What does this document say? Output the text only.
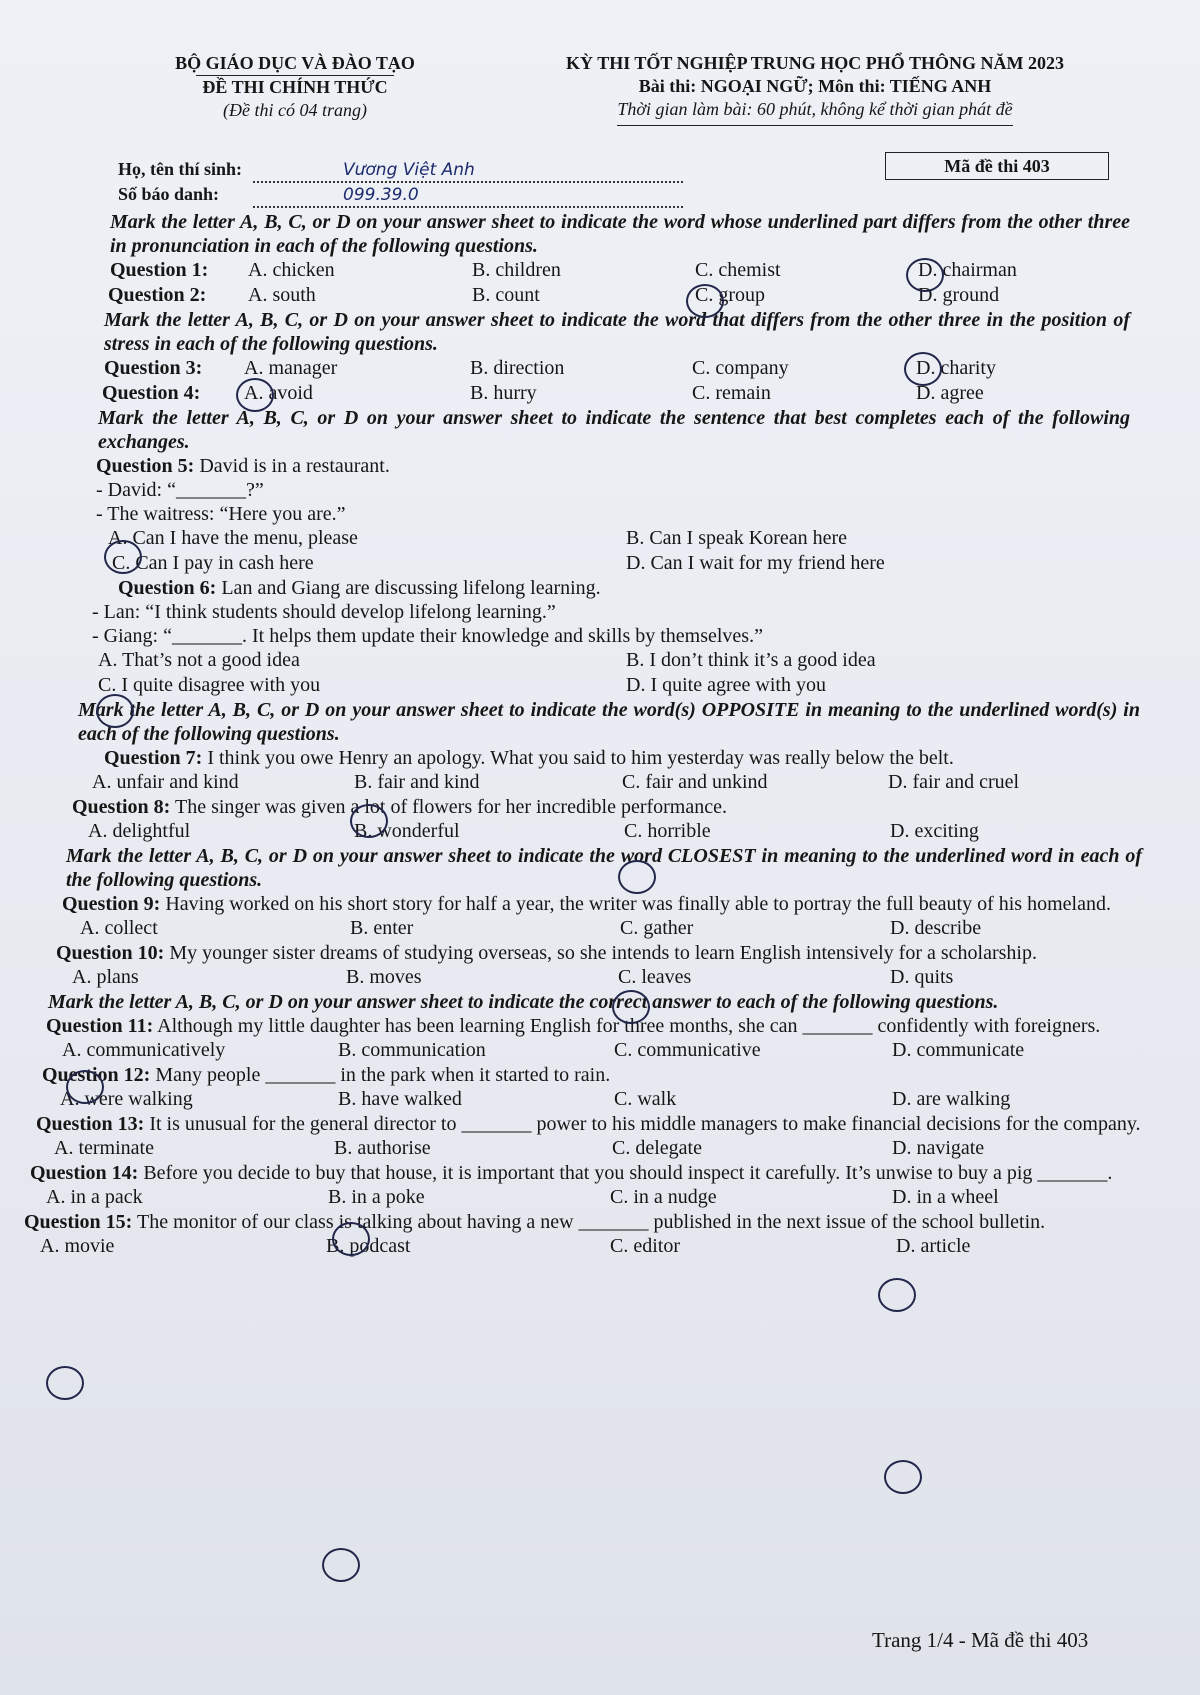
BỘ GIÁO DỤC VÀ ĐÀO TẠO
ĐỀ THI CHÍNH THỨC
(Đề thi có 04 trang)
KỲ THI TỐT NGHIỆP TRUNG HỌC PHỔ THÔNG NĂM 2023
Bài thi: NGOẠI NGỮ; Môn thi: TIẾNG ANH
Thời gian làm bài: 60 phút, không kể thời gian phát đề
Họ, tên thí sinh:	Vương Việt Anh
Số báo danh:	099.39.0
Mã đề thi 403

Mark the letter A, B, C, or D on your answer sheet to indicate the word whose underlined part differs from the other three in pronunciation in each of the following questions.

Question 1: A. chicken	B. children	C. chemist	D. chairman
Question 2: A. south	B. count	C. group	D. ground

Mark the letter A, B, C, or D on your answer sheet to indicate the word that differs from the other three in the position of stress in each of the following questions.

Question 3: A. manager	B. direction	C. company	D. charity
Question 4: A. avoid	B. hurry	C. remain	D. agree

Mark the letter A, B, C, or D on your answer sheet to indicate the sentence that best completes each of the following exchanges.

Question 5: David is in a restaurant.

- David: “_______?”

- The waitress: “Here you are.”

A. Can I have the menu, please	B. Can I speak Korean here
C. Can I pay in cash here	D. Can I wait for my friend here

Question 6: Lan and Giang are discussing lifelong learning.

- Lan: “I think students should develop lifelong learning.”

- Giang: “_______. It helps them update their knowledge and skills by themselves.”

A. That’s not a good idea	B. I don’t think it’s a good idea
C. I quite disagree with you	D. I quite agree with you

Mark the letter A, B, C, or D on your answer sheet to indicate the word(s) OPPOSITE in meaning to the underlined word(s) in each of the following questions.

Question 7: I think you owe Henry an apology. What you said to him yesterday was really below the belt.

A. unfair and kind	B. fair and kind	C. fair and unkind	D. fair and cruel

Question 8: The singer was given a lot of flowers for her incredible performance.

A. delightful	B. wonderful	C. horrible	D. exciting

Mark the letter A, B, C, or D on your answer sheet to indicate the word CLOSEST in meaning to the underlined word in each of the following questions.

Question 9: Having worked on his short story for half a year, the writer was finally able to portray the full beauty of his homeland.

A. collect	B. enter	C. gather	D. describe

Question 10: My younger sister dreams of studying overseas, so she intends to learn English intensively for a scholarship.

A. plans	B. moves	C. leaves	D. quits

Mark the letter A, B, C, or D on your answer sheet to indicate the correct answer to each of the following questions.

Question 11: Although my little daughter has been learning English for three months, she can _______ confidently with foreigners.

A. communicatively	B. communication	C. communicative	D. communicate

Question 12: Many people _______ in the park when it started to rain.

A. were walking	B. have walked	C. walk	D. are walking

Question 13: It is unusual for the general director to _______ power to his middle managers to make financial decisions for the company.

A. terminate	B. authorise	C. delegate	D. navigate

Question 14: Before you decide to buy that house, it is important that you should inspect it carefully. It’s unwise to buy a pig _______.

A. in a pack	B. in a poke	C. in a nudge	D. in a wheel

Question 15: The monitor of our class is talking about having a new _______ published in the next issue of the school bulletin.

A. movie	B. podcast	C. editor	D. article
Trang 1/4 - Mã đề thi 403
